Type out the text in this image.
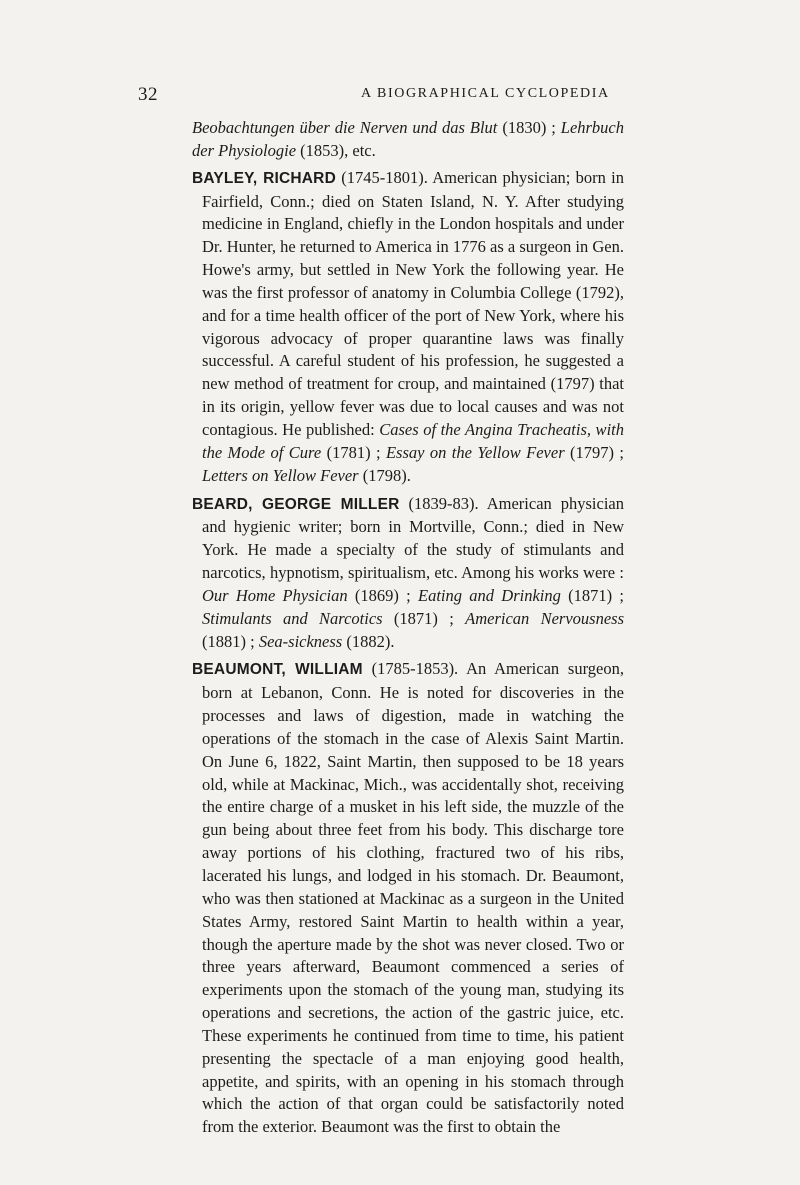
32	A BIOGRAPHICAL CYCLOPEDIA

Beobachtungen über die Nerven und das Blut (1830) ; Lehrbuch der Physiologie (1853), etc.

BAYLEY, RICHARD (1745-1801). American physician; born in Fairfield, Conn.; died on Staten Island, N. Y. After studying medicine in England, chiefly in the London hospitals and under Dr. Hunter, he returned to America in 1776 as a surgeon in Gen. Howe's army, but settled in New York the following year. He was the first professor of anatomy in Columbia College (1792), and for a time health officer of the port of New York, where his vigorous advocacy of proper quarantine laws was finally successful. A careful student of his profession, he suggested a new method of treatment for croup, and maintained (1797) that in its origin, yellow fever was due to local causes and was not contagious. He published: Cases of the Angina Tracheatis, with the Mode of Cure (1781) ; Essay on the Yellow Fever (1797) ; Letters on Yellow Fever (1798).

BEARD, GEORGE MILLER (1839-83). American physician and hygienic writer; born in Mortville, Conn.; died in New York. He made a specialty of the study of stimulants and narcotics, hypnotism, spiritualism, etc. Among his works were : Our Home Physician (1869) ; Eating and Drinking (1871) ; Stimulants and Narcotics (1871) ; American Nervousness (1881) ; Sea-sickness (1882).

BEAUMONT, WILLIAM (1785-1853). An American surgeon, born at Lebanon, Conn. He is noted for discoveries in the processes and laws of digestion, made in watching the operations of the stomach in the case of Alexis Saint Martin. On June 6, 1822, Saint Martin, then supposed to be 18 years old, while at Mackinac, Mich., was accidentally shot, receiving the entire charge of a musket in his left side, the muzzle of the gun being about three feet from his body. This discharge tore away portions of his clothing, fractured two of his ribs, lacerated his lungs, and lodged in his stomach. Dr. Beaumont, who was then stationed at Mackinac as a surgeon in the United States Army, restored Saint Martin to health within a year, though the aperture made by the shot was never closed. Two or three years afterward, Beaumont commenced a series of experiments upon the stomach of the young man, studying its operations and secretions, the action of the gastric juice, etc. These experiments he continued from time to time, his patient presenting the spectacle of a man enjoying good health, appetite, and spirits, with an opening in his stomach through which the action of that organ could be satisfactorily noted from the exterior. Beaumont was the first to obtain the
